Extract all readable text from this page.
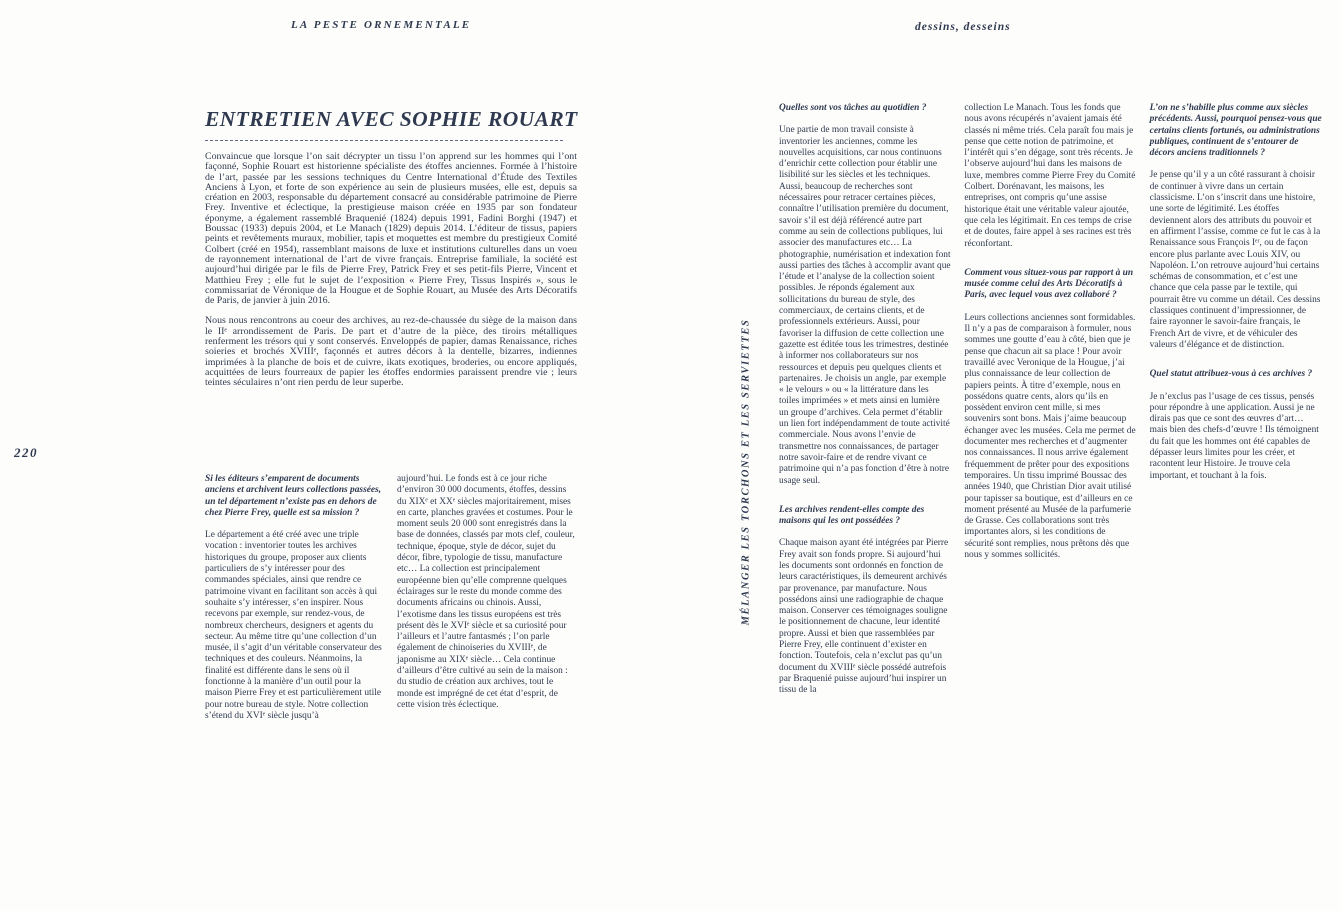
LA PESTE ORNEMENTALE
ENTRETIEN AVEC SOPHIE ROUART

Convaincue que lorsque l’on sait décrypter un tissu l’on apprend sur les hommes qui l’ont façonné, Sophie Rouart est historienne spécialiste des étoffes anciennes. Formée à l’histoire de l’art, passée par les sessions techniques du Centre International d’Étude des Textiles Anciens à Lyon, et forte de son expérience au sein de plusieurs musées, elle est, depuis sa création en 2003, responsable du département consacré au considérable patrimoine de Pierre Frey. Inventive et éclectique, la prestigieuse maison créée en 1935 par son fondateur éponyme, a également rassemblé Braquenié (1824) depuis 1991, Fadini Borghi (1947) et Boussac (1933) depuis 2004, et Le Manach (1829) depuis 2014. L’éditeur de tissus, papiers peints et revêtements muraux, mobilier, tapis et moquettes est membre du prestigieux Comité Colbert (créé en 1954), rassemblant maisons de luxe et institutions culturelles dans un voeu de rayonnement international de l’art de vivre français. Entreprise familiale, la société est aujourd’hui dirigée par le fils de Pierre Frey, Patrick Frey et ses petit-fils Pierre, Vincent et Matthieu Frey ; elle fut le sujet de l’exposition « Pierre Frey, Tissus Inspirés », sous le commissariat de Véronique de la Hougue et de Sophie Rouart, au Musée des Arts Décoratifs de Paris, de janvier à juin 2016.

Nous nous rencontrons au coeur des archives, au rez-de-chaussée du siège de la maison dans le IIᵉ arrondissement de Paris. De part et d’autre de la pièce, des tiroirs métalliques renferment les trésors qui y sont conservés. Enveloppés de papier, damas Renaissance, riches soieries et brochés XVIIIᵉ, façonnés et autres décors à la dentelle, bizarres, indiennes imprimées à la planche de bois et de cuivre, ikats exotiques, broderies, ou encore appliqués, acquittées de leurs fourreaux de papier les étoffes endormies paraissent prendre vie ; leurs teintes séculaires n’ont rien perdu de leur superbe.

220

Si les éditeurs s’emparent de documents anciens et archivent leurs collections passées, un tel département n’existe pas en dehors de chez Pierre Frey, quelle est sa mission ?

Le département a été créé avec une triple vocation : inventorier toutes les archives historiques du groupe, proposer aux clients particuliers de s’y intéresser pour des commandes spéciales, ainsi que rendre ce patrimoine vivant en facilitant son accès à qui souhaite s’y intéresser, s’en inspirer. Nous recevons par exemple, sur rendez-vous, de nombreux chercheurs, designers et agents du secteur. Au même titre qu’une collection d’un musée, il s’agit d’un véritable conservateur des techniques et des couleurs. Néanmoins, la finalité est différente dans le sens où il fonctionne à la manière d’un outil pour la maison Pierre Frey et est particulièrement utile pour notre bureau de style. Notre collection s’étend du XVIᵉ siècle jusqu’à

aujourd’hui. Le fonds est à ce jour riche d’environ 30 000 documents, étoffes, dessins du XIXᵉ et XXᵉ siècles majoritairement, mises en carte, planches gravées et costumes. Pour le moment seuls 20 000 sont enregistrés dans la base de données, classés par mots clef, couleur, technique, époque, style de décor, sujet du décor, fibre, typologie de tissu, manufacture etc… La collection est principalement européenne bien qu’elle comprenne quelques éclairages sur le reste du monde comme des documents africains ou chinois. Aussi, l’exotisme dans les tissus européens est très présent dès le XVIᵉ siècle et sa curiosité pour l’ailleurs et l’autre fantasmés ; l’on parle également de chinoiseries du XVIIIᵉ, de japonisme au XIXᵉ siècle… Cela continue d’ailleurs d’être cultivé au sein de la maison : du studio de création aux archives, tout le monde est imprégné de cet état d’esprit, de cette vision très éclectique.

MÉLANGER LES TORCHONS ET LES SERVIETTES
dessins, desseins

Quelles sont vos tâches au quotidien ?

Une partie de mon travail consiste à inventorier les anciennes, comme les nouvelles acquisitions, car nous continuons d’enrichir cette collection pour établir une lisibilité sur les siècles et les techniques. Aussi, beaucoup de recherches sont nécessaires pour retracer certaines pièces, connaître l’utilisation première du document, savoir s’il est déjà référencé autre part comme au sein de collections publiques, lui associer des manufactures etc… La photographie, numérisation et indexation font aussi parties des tâches à accomplir avant que l’étude et l’analyse de la collection soient possibles. Je réponds également aux sollicitations du bureau de style, des commerciaux, de certains clients, et de professionnels extérieurs. Aussi, pour favoriser la diffusion de cette collection une gazette est éditée tous les trimestres, destinée à informer nos collaborateurs sur nos ressources et depuis peu quelques clients et partenaires. Je choisis un angle, par exemple « le velours » ou « la littérature dans les toiles imprimées » et mets ainsi en lumière un groupe d’archives. Cela permet d’établir un lien fort indépendamment de toute activité commerciale. Nous avons l’envie de transmettre nos connaissances, de partager notre savoir-faire et de rendre vivant ce patrimoine qui n’a pas fonction d’être à notre usage seul.

Les archives rendent-elles compte des maisons qui les ont possédées ?

Chaque maison ayant été intégrées par Pierre Frey avait son fonds propre. Si aujourd’hui les documents sont ordonnés en fonction de leurs caractéristiques, ils demeurent archivés par provenance, par manufacture. Nous possédons ainsi une radiographie de chaque maison. Conserver ces témoignages souligne le positionnement de chacune, leur identité propre. Aussi et bien que rassemblées par Pierre Frey, elle continuent d’exister en fonction. Toutefois, cela n’exclut pas qu’un document du XVIIIᵉ siècle possédé autrefois par Braquenié puisse aujourd’hui inspirer un tissu de la

collection Le Manach. Tous les fonds que nous avons récupérés n’avaient jamais été classés ni même triés. Cela paraît fou mais je pense que cette notion de patrimoine, et l’intérêt qui s’en dégage, sont très récents. Je l’observe aujourd’hui dans les maisons de luxe, membres comme Pierre Frey du Comité Colbert. Dorénavant, les maisons, les entreprises, ont compris qu’une assise historique était une véritable valeur ajoutée, que cela les légitimait. En ces temps de crise et de doutes, faire appel à ses racines est très réconfortant.

Comment vous situez-vous par rapport à un musée comme celui des Arts Décoratifs à Paris, avec lequel vous avez collaboré ?

Leurs collections anciennes sont formidables. Il n’y a pas de comparaison à formuler, nous sommes une goutte d’eau à côté, bien que je pense que chacun ait sa place ! Pour avoir travaillé avec Veronique de la Hougue, j’ai plus connaissance de leur collection de papiers peints. À titre d’exemple, nous en possédons quatre cents, alors qu’ils en possèdent environ cent mille, si mes souvenirs sont bons. Mais j’aime beaucoup échanger avec les musées. Cela me permet de documenter mes recherches et d’augmenter nos connaissances. Il nous arrive également fréquemment de prêter pour des expositions temporaires. Un tissu imprimé Boussac des années 1940, que Christian Dior avait utilisé pour tapisser sa boutique, est d’ailleurs en ce moment présenté au Musée de la parfumerie de Grasse. Ces collaborations sont très importantes alors, si les conditions de sécurité sont remplies, nous prêtons dès que nous y sommes sollicités.

L’on ne s’habille plus comme aux siècles précédents. Aussi, pourquoi pensez-vous que certains clients fortunés, ou administrations publiques, continuent de s’entourer de décors anciens traditionnels ?

Je pense qu’il y a un côté rassurant à choisir de continuer à vivre dans un certain classicisme. L’on s’inscrit dans une histoire, une sorte de légitimité. Les étoffes deviennent alors des attributs du pouvoir et en affirment l’assise, comme ce fut le cas à la Renaissance sous François Iᵉʳ, ou de façon encore plus parlante avec Louis XIV, ou Napoléon. L’on retrouve aujourd’hui certains schémas de consommation, et c’est une chance que cela passe par le textile, qui pourrait être vu comme un détail. Ces dessins classiques continuent d’impressionner, de faire rayonner le savoir-faire français, le French Art de vivre, et de véhiculer des valeurs d’élégance et de distinction.

Quel statut attribuez-vous à ces archives ?

Je n’exclus pas l’usage de ces tissus, pensés pour répondre à une application. Aussi je ne dirais pas que ce sont des œuvres d’art… mais bien des chefs-d’œuvre ! Ils témoignent du fait que les hommes ont été capables de dépasser leurs limites pour les créer, et racontent leur Histoire. Je trouve cela important, et touchant à la fois.
